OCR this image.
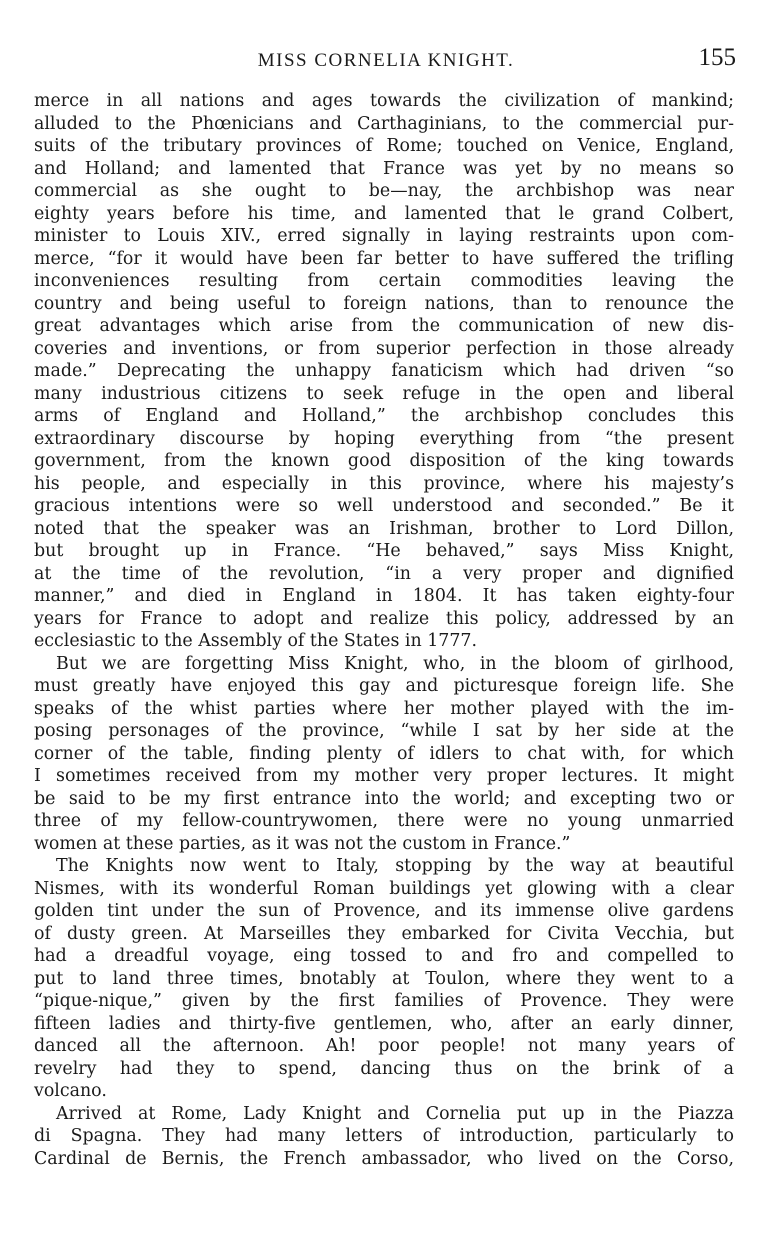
MISS CORNELIA KNIGHT.	155
merce in all nations and ages towards the civilization of mankind;
alluded to the Phœnicians and Carthaginians, to the commercial pur-
suits of the tributary provinces of Rome; touched on Venice, England,
and Holland; and lamented that France was yet by no means so
commercial as she ought to be—nay, the archbishop was near
eighty years before his time, and lamented that le grand Colbert,
minister to Louis XIV., erred signally in laying restraints upon com-
merce, “for it would have been far better to have suffered the trifling
inconveniences resulting from certain commodities leaving the
country and being useful to foreign nations, than to renounce the
great advantages which arise from the communication of new dis-
coveries and inventions, or from superior perfection in those already
made.” Deprecating the unhappy fanaticism which had driven “so
many industrious citizens to seek refuge in the open and liberal
arms of England and Holland,” the archbishop concludes this
extraordinary discourse by hoping everything from “the present
government, from the known good disposition of the king towards
his people, and especially in this province, where his majesty’s
gracious intentions were so well understood and seconded.” Be it
noted that the speaker was an Irishman, brother to Lord Dillon,
but brought up in France. “He behaved,” says Miss Knight,
at the time of the revolution, “in a very proper and dignified
manner,” and died in England in 1804. It has taken eighty-four
years for France to adopt and realize this policy, addressed by an
ecclesiastic to the Assembly of the States in 1777.
But we are forgetting Miss Knight, who, in the bloom of girlhood,
must greatly have enjoyed this gay and picturesque foreign life. She
speaks of the whist parties where her mother played with the im-
posing personages of the province, “while I sat by her side at the
corner of the table, finding plenty of idlers to chat with, for which
I sometimes received from my mother very proper lectures. It might
be said to be my first entrance into the world; and excepting two or
three of my fellow-countrywomen, there were no young unmarried
women at these parties, as it was not the custom in France.”
The Knights now went to Italy, stopping by the way at beautiful
Nismes, with its wonderful Roman buildings yet glowing with a clear
golden tint under the sun of Provence, and its immense olive gardens
of dusty green. At Marseilles they embarked for Civita Vecchia, but
had a dreadful voyage, eing tossed to and fro and compelled to
put to land three times, bnotably at Toulon, where they went to a
“pique-nique,” given by the first families of Provence. They were
fifteen ladies and thirty-five gentlemen, who, after an early dinner,
danced all the afternoon. Ah! poor people! not many years of
revelry had they to spend, dancing thus on the brink of a
volcano.
Arrived at Rome, Lady Knight and Cornelia put up in the Piazza
di Spagna. They had many letters of introduction, particularly to
Cardinal de Bernis, the French ambassador, who lived on the Corso,
